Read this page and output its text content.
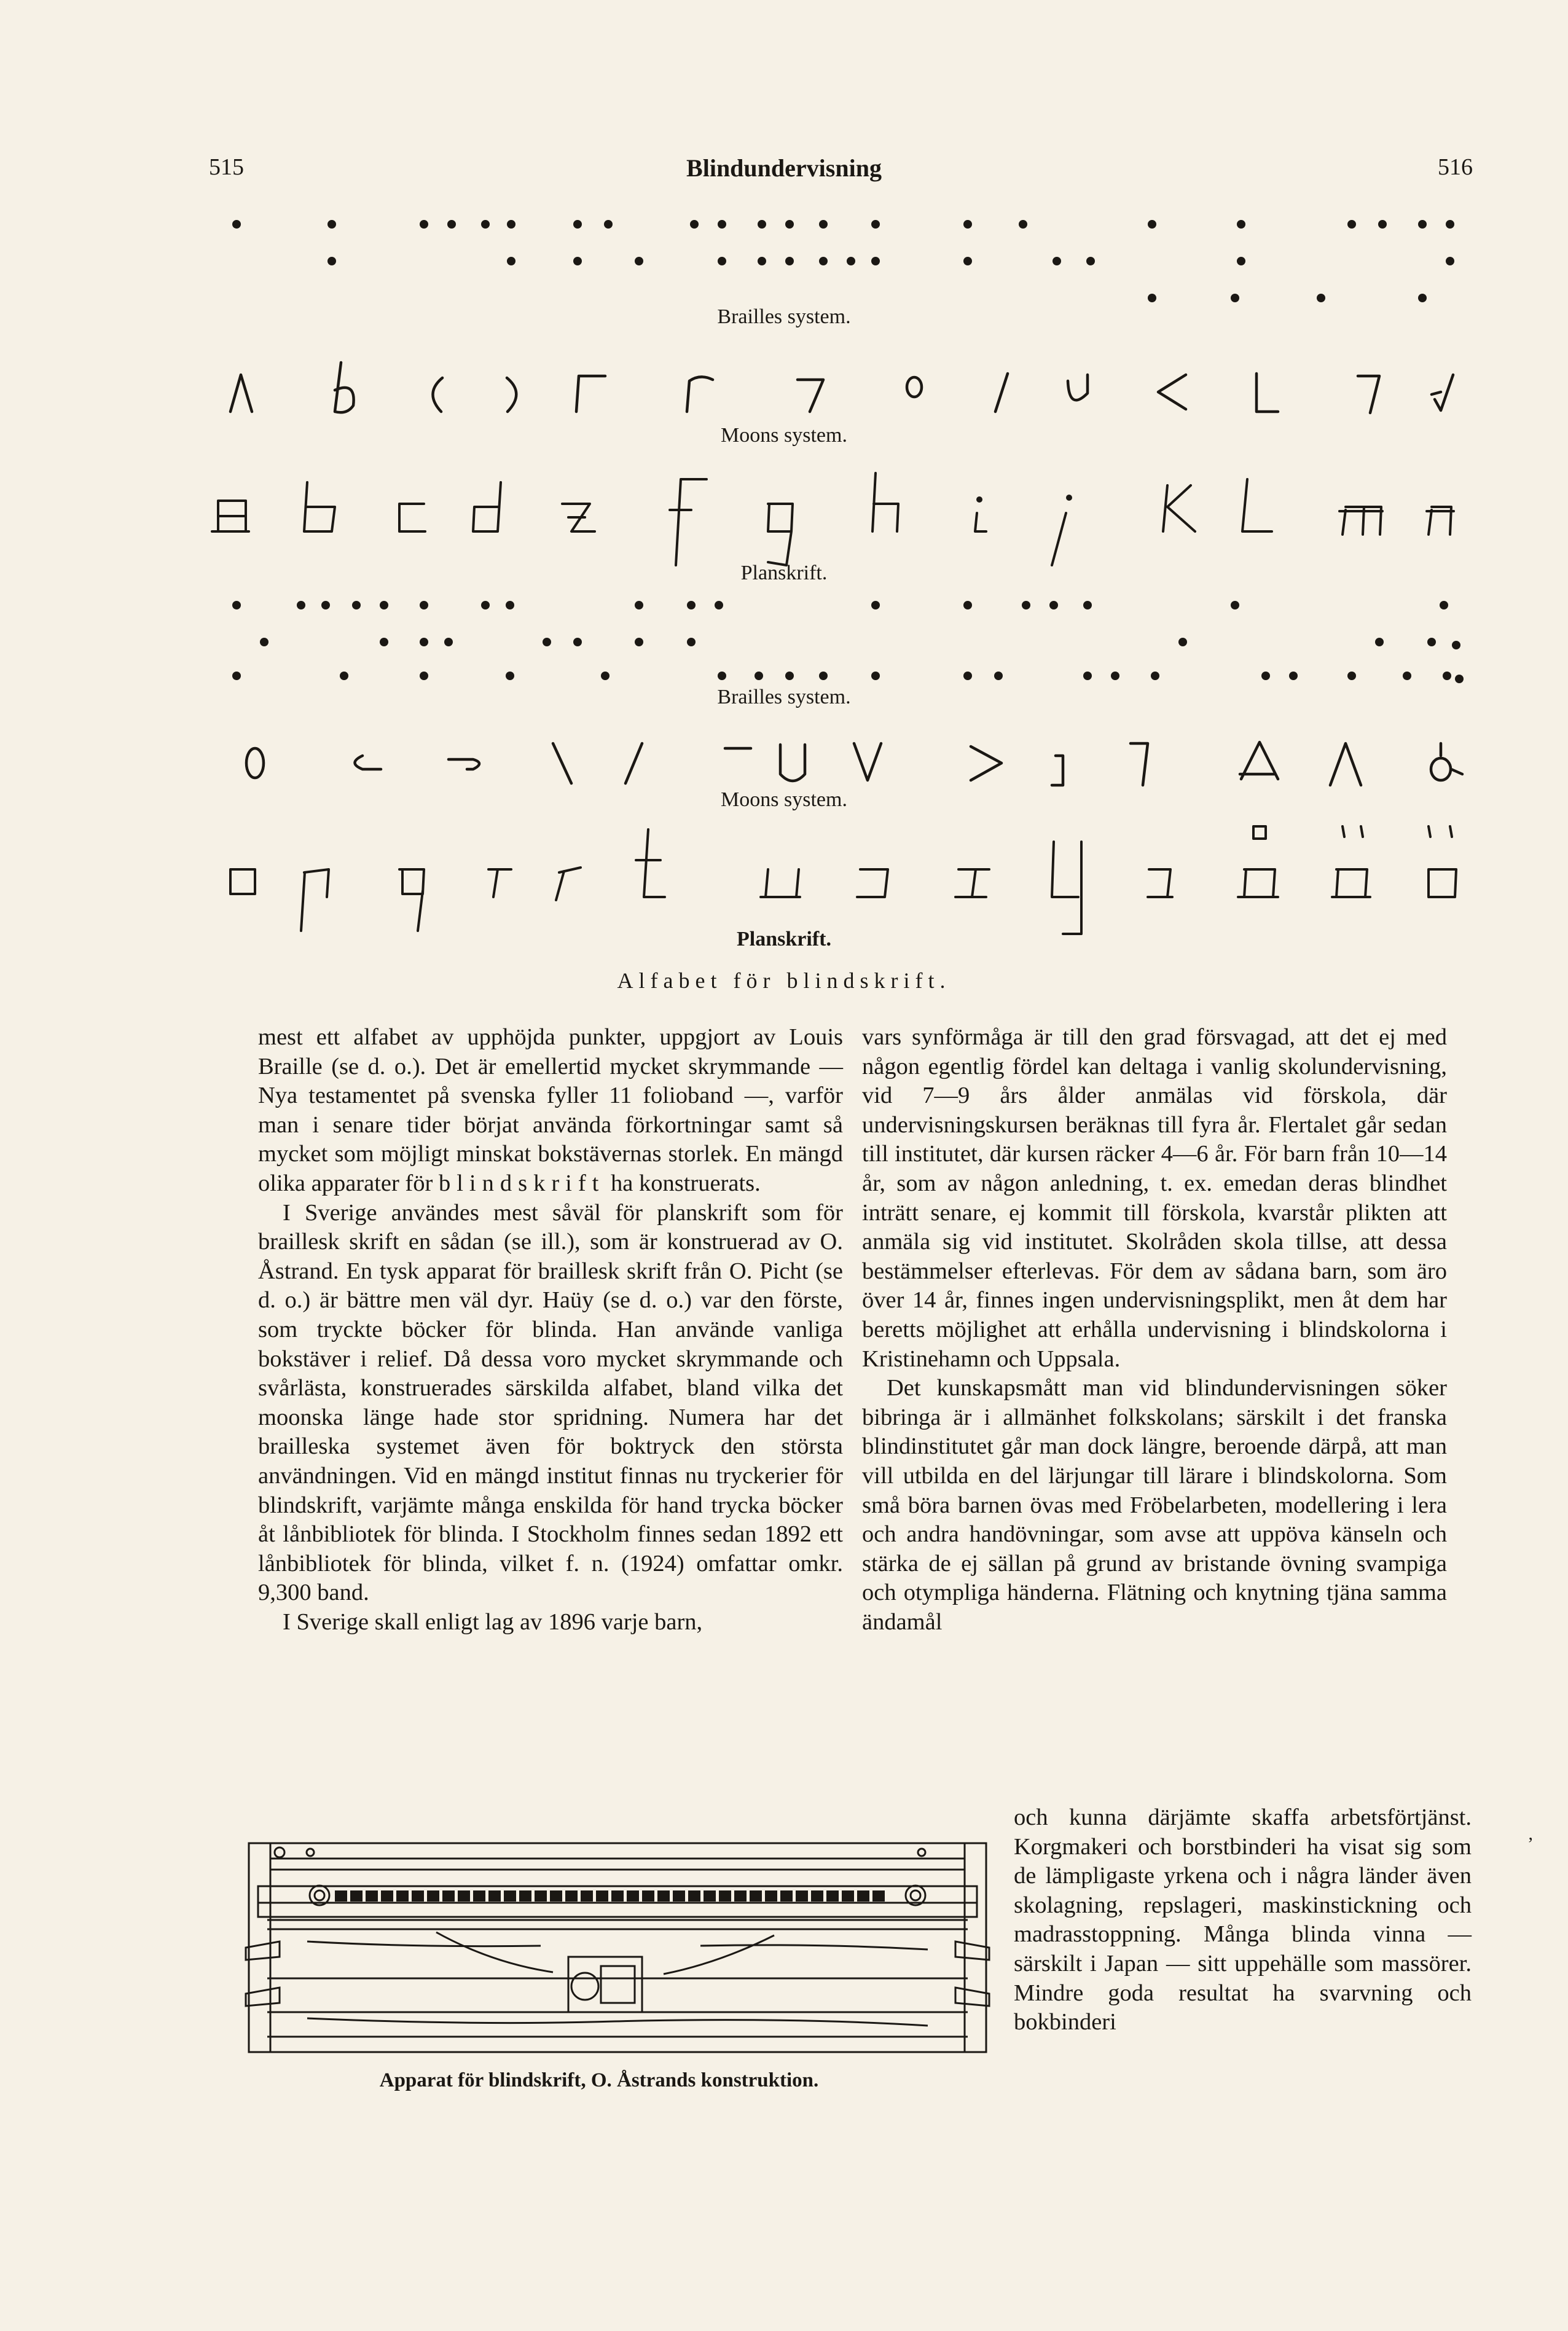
515	Blindundervisning	516
Brailles system.
Moons system.
Planskrift.
Brailles system.
Moons system.
Planskrift.
Alfabet för blindskrift.

mest ett alfabet av upphöjda punkter, uppgjort av Louis Braille (se d. o.). Det är emellertid mycket skrymmande — Nya testamentet på svenska fyller 11 folioband —, varför man i senare tider börjat använda förkortningar samt så mycket som möjligt minskat bokstävernas storlek. En mängd olika apparater för blindskrift ha konstruerats.

I Sverige användes mest såväl för planskrift som för braillesk skrift en sådan (se ill.), som är konstruerad av O. Åstrand. En tysk apparat för braillesk skrift från O. Picht (se d. o.) är bättre men väl dyr. Haüy (se d. o.) var den förste, som tryckte böcker för blinda. Han använde vanliga bokstäver i relief. Då dessa voro mycket skrymmande och svårlästa, konstruerades särskilda alfabet, bland vilka det moonska länge hade stor spridning. Numera har det brailleska systemet även för boktryck den största användningen. Vid en mängd institut finnas nu tryckerier för blindskrift, varjämte många enskilda för hand trycka böcker åt lånbibliotek för blinda. I Stockholm finnes sedan 1892 ett lånbibliotek för blinda, vilket f. n. (1924) omfattar omkr. 9,300 band.

I Sverige skall enligt lag av 1896 varje barn,

vars synförmåga är till den grad försvagad, att det ej med någon egentlig fördel kan deltaga i vanlig skolundervisning, vid 7—9 års ålder anmälas vid förskola, där undervisningskursen beräknas till fyra år. Flertalet går sedan till institutet, där kursen räcker 4—6 år. För barn från 10—14 år, som av någon anledning, t. ex. emedan deras blindhet inträtt senare, ej kommit till förskola, kvarstår plikten att anmäla sig vid institutet. Skolråden skola tillse, att dessa bestämmelser efterlevas. För dem av sådana barn, som äro över 14 år, finnes ingen undervisningsplikt, men åt dem har beretts möjlighet att erhålla undervisning i blindskolorna i Kristinehamn och Uppsala.

Det kunskapsmått man vid blindundervisningen söker bibringa är i allmänhet folkskolans; särskilt i det franska blindinstitutet går man dock längre, beroende därpå, att man vill utbilda en del lärjungar till lärare i blindskolorna. Som små böra barnen övas med Fröbelarbeten, modellering i lera och andra handövningar, som avse att uppöva känseln och stärka de ej sällan på grund av bristande övning svampiga och otympliga händerna. Flätning och knytning tjäna samma ändamål

och kunna därjämte skaffa arbetsförtjänst. Korgmakeri och borstbinderi ha visat sig som de lämpligaste yrkena och i några länder även skolagning, repslageri, maskinstickning och madrasstoppning. Många blinda vinna — särskilt i Japan — sitt uppehälle som massörer. Mindre goda resultat ha svarvning och bokbinderi

ʼ
Apparat för blindskrift, O. Åstrands konstruktion.
